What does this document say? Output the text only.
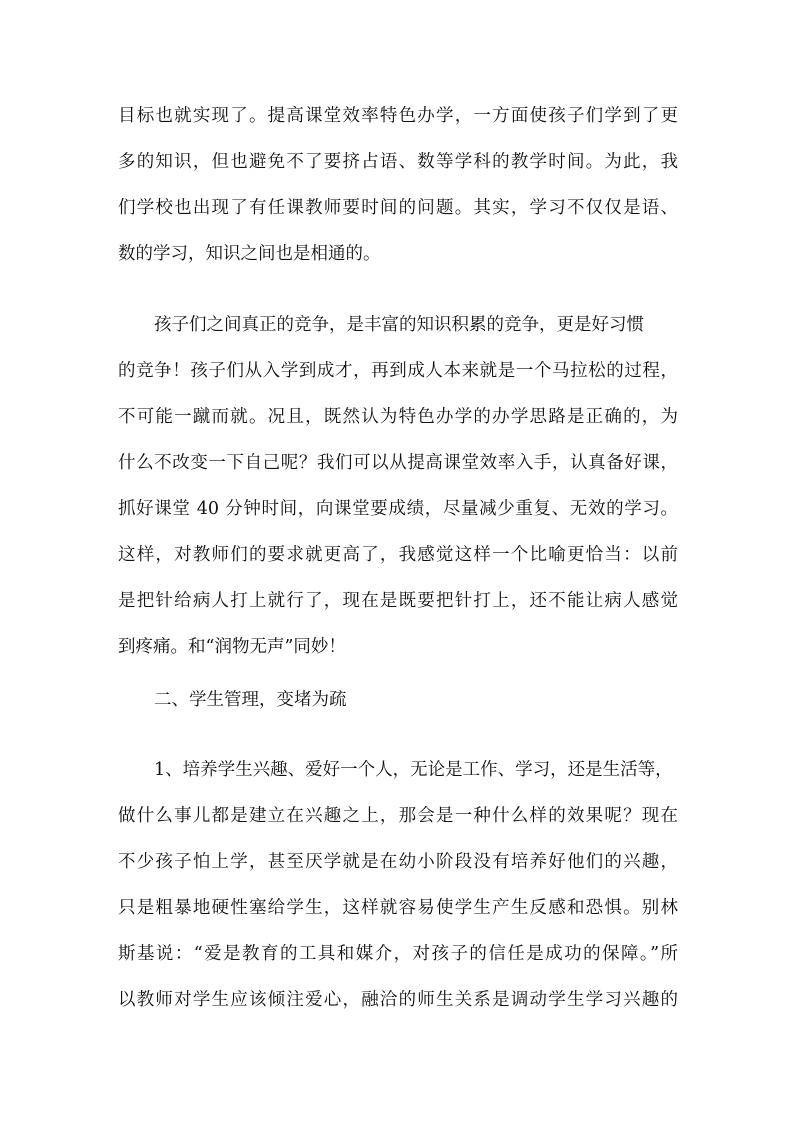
目标也就实现了。提高课堂效率特色办学，一方面使孩子们学到了更
多的知识，但也避免不了要挤占语、数等学科的教学时间。为此，我
们学校也出现了有任课教师要时间的问题。其实，学习不仅仅是语、
数的学习，知识之间也是相通的。
孩子们之间真正的竞争，是丰富的知识积累的竞争，更是好习惯
的竞争！孩子们从入学到成才，再到成人本来就是一个马拉松的过程，
不可能一蹴而就。况且，既然认为特色办学的办学思路是正确的，为
什么不改变一下自己呢？我们可以从提高课堂效率入手，认真备好课，
抓好课堂 40 分钟时间，向课堂要成绩，尽量减少重复、无效的学习。
这样，对教师们的要求就更高了，我感觉这样一个比喻更恰当：以前
是把针给病人打上就行了，现在是既要把针打上，还不能让病人感觉
到疼痛。和“润物无声”同妙！
二、学生管理，变堵为疏
1、培养学生兴趣、爱好一个人，无论是工作、学习，还是生活等，
做什么事儿都是建立在兴趣之上，那会是一种什么样的效果呢？现在
不少孩子怕上学，甚至厌学就是在幼小阶段没有培养好他们的兴趣，
只是粗暴地硬性塞给学生，这样就容易使学生产生反感和恐惧。别林
斯基说：“爱是教育的工具和媒介，对孩子的信任是成功的保障。”所
以教师对学生应该倾注爱心，融洽的师生关系是调动学生学习兴趣的
